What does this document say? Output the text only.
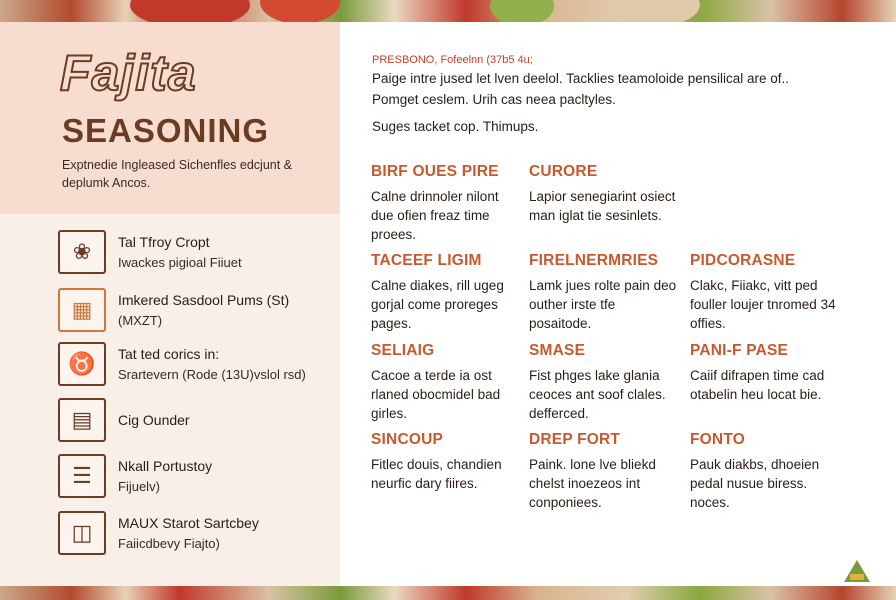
Fajita
SEASONING
Exptnedie Ingleased Sichenfles edcjunt & deplumk Ancos.
❀	Tal Tfroy Cropt
Iwackes pigioal Fiiuet
▦	Imkered Sasdool Pums (St)
(MXZT)
♉	Tat ted corics in:
Srartevern (Rode (13U)vslol rsd)
▤	Cig Ounder
☰	Nkall Portustoy
Fijuelv)
◫	MAUX Starot Sartcbey
Faiicdbevy Fiajto)
PRESBONO, Fofeelnn (37b5 4u;

Paige intre jused let lven deelol. Tacklies teamoloide pensilical are of..

Pomget ceslem. Urih cas neea pacltyles.

Suges tacket cop. Thimups.

BIRF OUES PIRE
Calne drinnoler nilont due ofien freaz time proees.
CURORE
Lapior senegiarint osiect man iglat tie sesinlets.
TACEEF LIGIM
Calne diakes, rill ugeg gorjal come proreges pages.
FIRELNERMRIES
Lamk jues rolte pain deo outher irste tfe posaitode.
PIDCORASNE
Clakc, Fiiakc, vitt ped fouller loujer tnromed 34 offies.
SELIAIG
Cacoe a terde ia ost rlaned obocmidel bad girles.
SMASE
Fist phges lake glania ceoces ant soof clales. defferced.
PANI-F PASE
Caiif difrapen time cad otabelin heu locat bie.
SINCOUP
Fitlec douis, chandien neurfic dary fiires.
DREP FORT
Paink. lone lve bliekd chelst inoezeos int conponiees.
FONTO
Pauk diakbs, dhoeien pedal nusue biress. noces.
